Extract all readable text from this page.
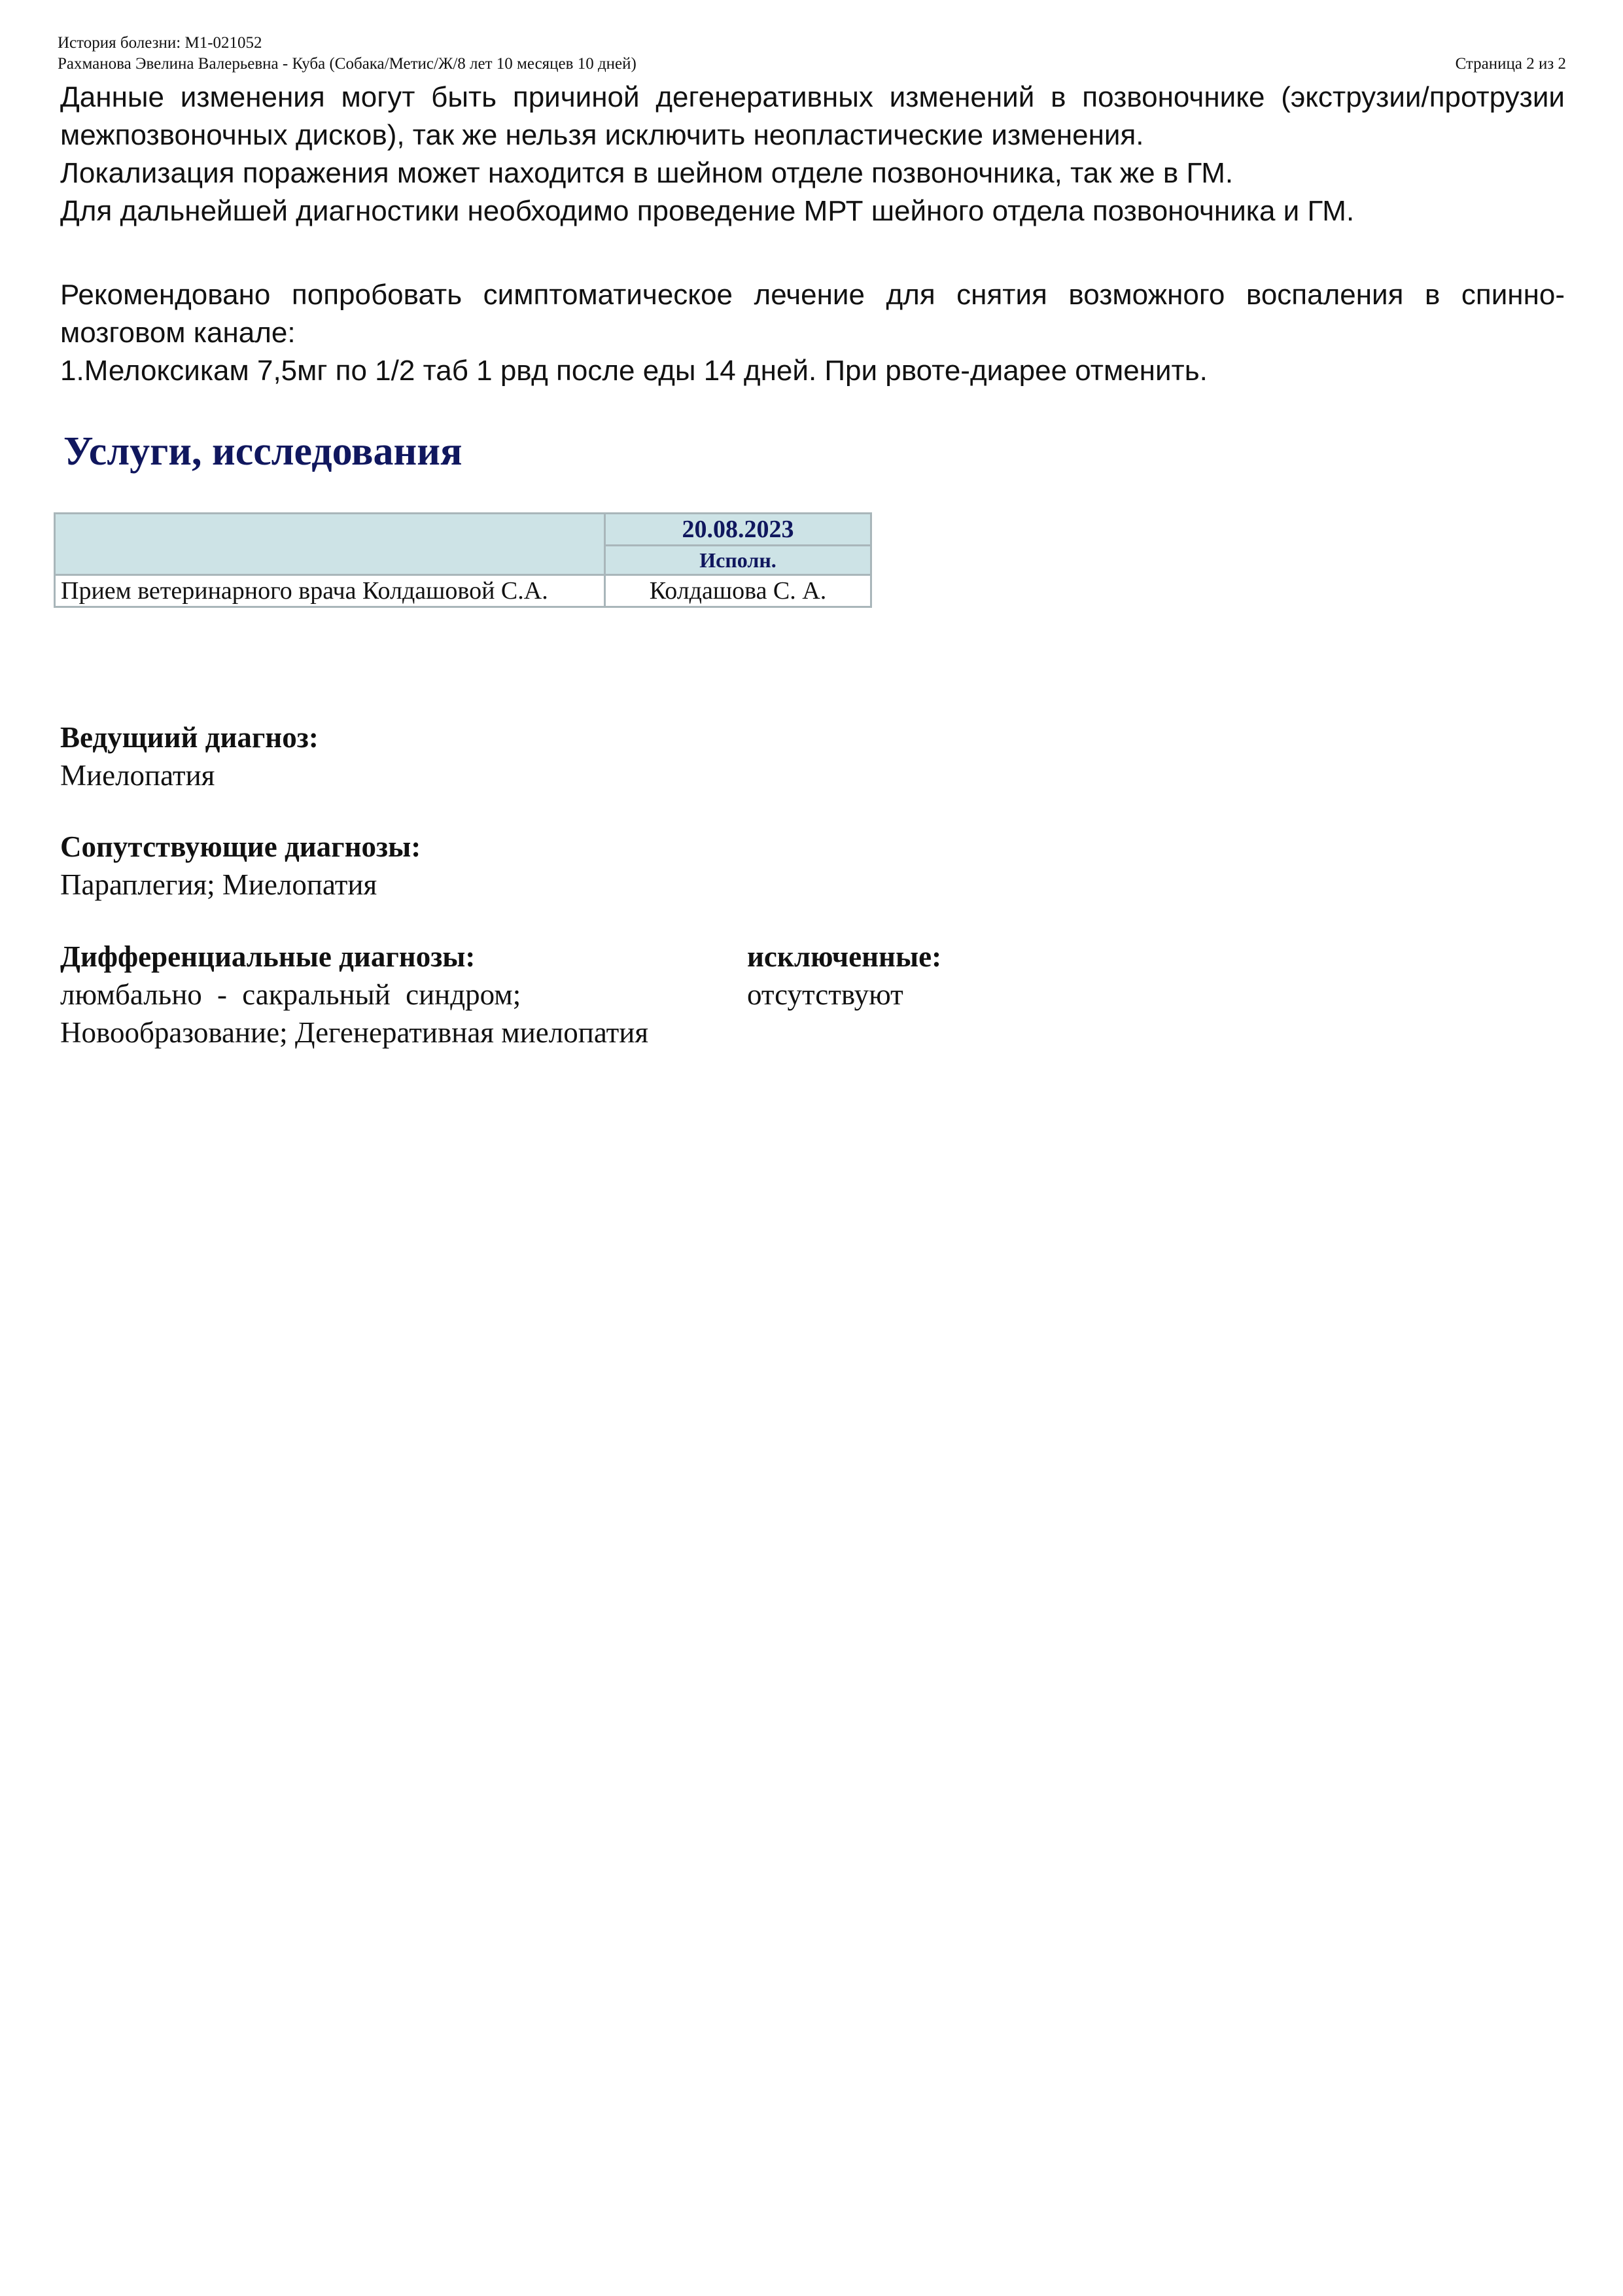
История болезни: M1-021052
Рахманова Эвелина Валерьевна - Куба (Собака/Метис/Ж/8 лет 10 месяцев 10 дней)	Страница 2 из 2

Данные изменения могут быть причиной дегенеративных изменений в позвоночнике (экструзии/протрузии межпозвоночных дисков), так же нельзя исключить неопластические изменения.

Локализация поражения может находится в шейном отделе позвоночника, так же в ГМ.

Для дальнейшей диагностики необходимо проведение МРТ шейного отдела позвоночника и ГМ.

Рекомендовано попробовать симптоматическое лечение для снятия возможного воспаления в спинно-мозговом канале:

1.Мелоксикам 7,5мг по 1/2 таб 1 рвд после еды 14 дней. При рвоте-диарее отменить.

Услуги, исследования
	20.08.2023
	Исполн.
Прием ветеринарного врача Колдашовой С.А.	Колдашова С. А.

Ведущиий диагноз:

Миелопатия

Сопутствующие диагнозы:

Параплегия; Миелопатия

Дифференциальные диагнозы:

люмбально - сакральный синдром;

Новообразование; Дегенеративная миелопатия

исключенные:

отсутствуют
